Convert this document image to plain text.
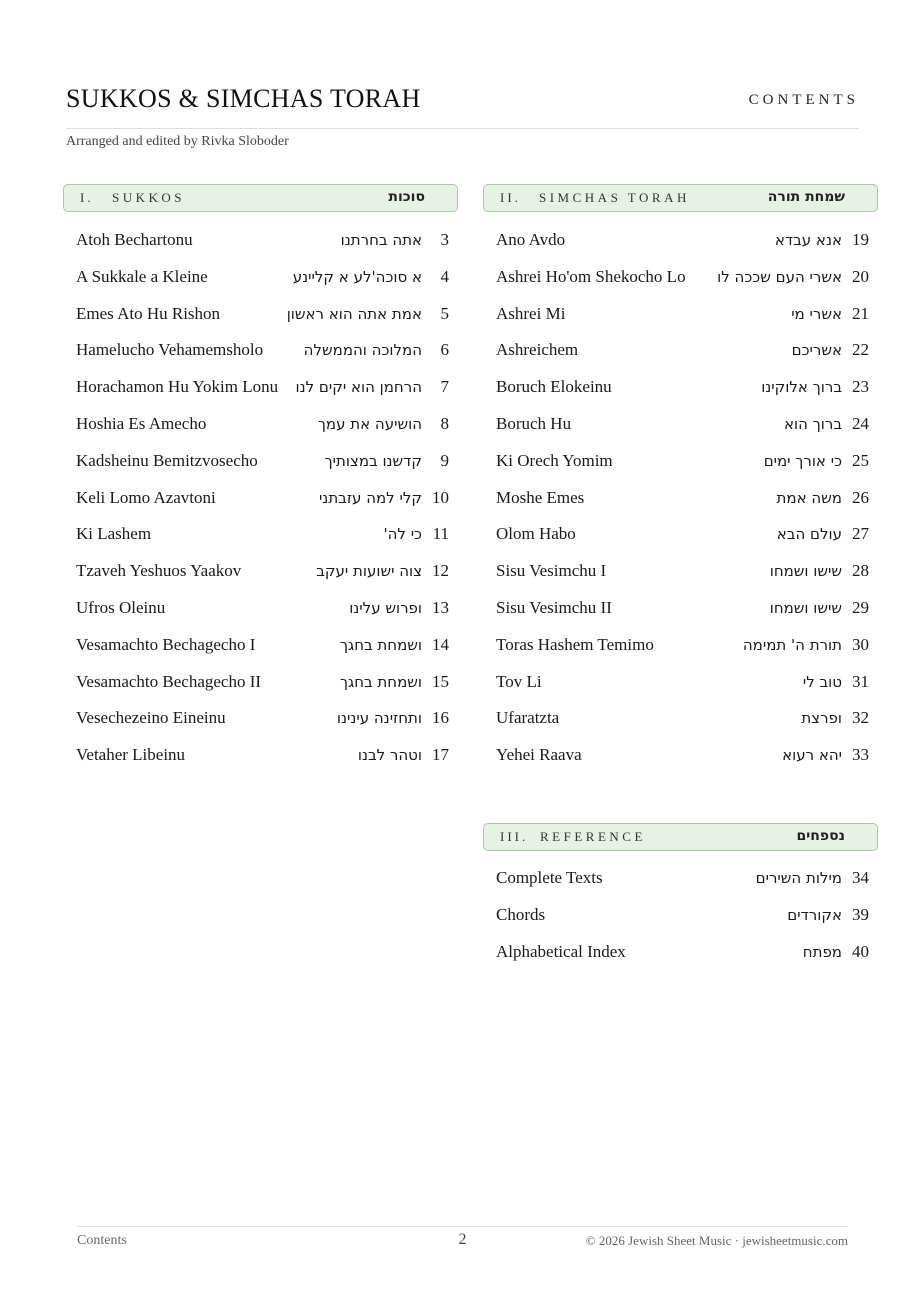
SUKKOS & SIMCHAS TORAH	CONTENTS
Arranged and edited by Rivka Sloboder
I. SUKKOS	סוכות
Atoh Bechartonu	אתה בחרתנו	3
A Sukkale a Kleine	א סוכה'לע א קליינע	4
Emes Ato Hu Rishon	אמת אתה הוא ראשון	5
Hamelucho Vehamemsholo	המלוכה והממשלה	6
Horachamon Hu Yokim Lonu הרחמן הוא יקים לנו	7
Hoshia Es Amecho	הושיעה את עמך	8
Kadsheinu Bemitzvosecho	קדשנו במצותיך	9
Keli Lomo Azavtoni	קלי למה עזבתני 10
Ki Lashem	כי לה' 11
Tzaveh Yeshuos Yaakov	צוה ישועות יעקב 12
Ufros Oleinu	ופרוש עלינו 13
Vesamachto Bechagecho I	ושמחת בחגך 14
Vesamachto Bechagecho II	ושמחת בחגך 15
Vesechezeino Eineinu	ותחזינה עינינו 16
Vetaher Libeinu	וטהר לבנו 17
II. SIMCHAS TORAH	שמחת תורה
Ano Avdo	אנא עבדא 19
Ashrei Ho'om Shekocho Lo אשרי העם שככה לו 20
Ashrei Mi	אשרי מי 21
Ashreichem	אשריכם 22
Boruch Elokeinu	ברוך אלוקינו 23
Boruch Hu	ברוך הוא 24
Ki Orech Yomim	כי אורך ימים 25
Moshe Emes	משה אמת 26
Olom Habo	עולם הבא 27
Sisu Vesimchu I	שישו ושמחו 28
Sisu Vesimchu II	שישו ושמחו 29
Toras Hashem Temimo	תורת ה' תמימה 30
Tov Li	טוב לי 31
Ufaratzta	ופרצת 32
Yehei Raava	יהא רעוא 33
III. REFERENCE	נספחים
Complete Texts	מילות השירים 34
Chords	אקורדים 39
Alphabetical Index	מפתח 40
Contents	2	© 2026 Jewish Sheet Music · jewisheetmusic.com
